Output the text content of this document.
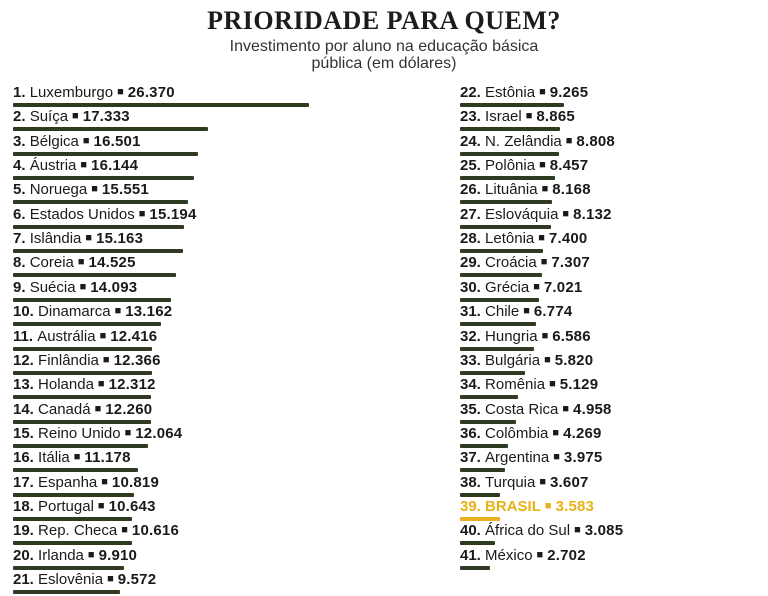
PRIORIDADE PARA QUEM?
Investimento por aluno na educação básica
pública (em dólares)
1. Luxemburgo ■ 26.370
2. Suíça ■ 17.333
3. Bélgica ■ 16.501
4. Áustria ■ 16.144
5. Noruega ■ 15.551
6. Estados Unidos ■ 15.194
7. Islândia ■ 15.163
8. Coreia ■ 14.525
9. Suécia ■ 14.093
10. Dinamarca ■ 13.162
11. Austrália ■ 12.416
12. Finlândia ■ 12.366
13. Holanda ■ 12.312
14. Canadá ■ 12.260
15. Reino Unido ■ 12.064
16. Itália ■ 11.178
17. Espanha ■ 10.819
18. Portugal ■ 10.643
19. Rep. Checa ■ 10.616
20. Irlanda ■ 9.910
21. Eslovênia ■ 9.572
22. Estônia ■ 9.265
23. Israel ■ 8.865
24. N. Zelândia ■ 8.808
25. Polônia ■ 8.457
26. Lituânia ■ 8.168
27. Eslováquia ■ 8.132
28. Letônia ■ 7.400
29. Croácia ■ 7.307
30. Grécia ■ 7.021
31. Chile ■ 6.774
32. Hungria ■ 6.586
33. Bulgária ■ 5.820
34. Romênia ■ 5.129
35. Costa Rica ■ 4.958
36. Colômbia ■ 4.269
37. Argentina ■ 3.975
38. Turquia ■ 3.607
39. BRASIL ■ 3.583
40. África do Sul ■ 3.085
41. México ■ 2.702
